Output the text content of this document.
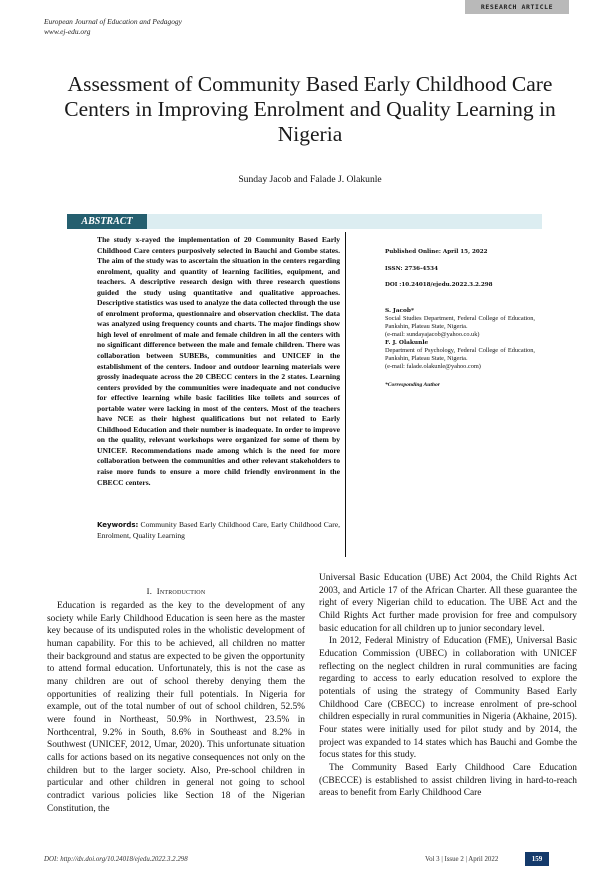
RESEARCH ARTICLE
European Journal of Education and Pedagogy
www.ej-edu.org
Assessment of Community Based Early Childhood Care Centers in Improving Enrolment and Quality Learning in Nigeria
Sunday Jacob and Falade J. Olakunle
ABSTRACT
The study x-rayed the implementation of 20 Community Based Early Childhood Care centers purposively selected in Bauchi and Gombe states. The aim of the study was to ascertain the situation in the centers regarding enrolment, quality and quantity of learning facilities, equipment, and teachers. A descriptive research design with three research questions guided the study using quantitative and qualitative approaches. Descriptive statistics was used to analyze the data collected through the use of enrolment proforma, questionnaire and observation checklist. The data was analyzed using frequency counts and charts. The major findings show high level of enrolment of male and female children in all the centers with no significant difference between the male and female children. There was collaboration between SUBEBs, communities and UNICEF in the establishment of the centers. Indoor and outdoor learning materials were grossly inadequate across the 20 CBECC centers in the 2 states. Learning centers provided by the communities were inadequate and not conducive for effective learning while basic facilities like toilets and sources of portable water were lacking in most of the centers. Most of the teachers have NCE as their highest qualifications but not related to Early Childhood Education and their number is inadequate. In order to improve on the quality, relevant workshops were organized for some of them by UNICEF. Recommendations made among which is the need for more collaboration between the communities and other relevant stakeholders to raise more funds to ensure a more child friendly environment in the CBECC centers.
Keywords: Community Based Early Childhood Care, Early Childhood Care, Enrolment, Quality Learning
Published Online: April 15, 2022
ISSN: 2736-4534
DOI :10.24018/ejedu.2022.3.2.298
S. Jacob*
Social Studies Department, Federal College of Education, Pankshin, Plateau State, Nigeria.
(e-mail: sundayajacob@yahoo.co.uk)
F. J. Olakunle
Department of Psychology, Federal College of Education, Pankshin, Plateau State, Nigeria.
(e-mail: falade.olakunle@yahoo.com)
*Corresponding Author
I. Introduction

Education is regarded as the key to the development of any society while Early Childhood Education is seen here as the master key because of its undisputed roles in the wholistic development of human capability. For this to be achieved, all children no matter their background and status are expected to be given the opportunity to attend formal education. Unfortunately, this is not the case as many children are out of school thereby denying them the opportunities of realizing their full potentials. In Nigeria for example, out of the total number of out of school children, 52.5% were found in Northeast, 50.9% in Northwest, 23.5% in Northcentral, 9.2% in South, 8.6% in Southeast and 8.2% in Southwest (UNICEF, 2012, Umar, 2020). This unfortunate situation calls for actions based on its negative consequences not only on the children but to the larger society. Also, Pre-school children in particular and other children in general not going to school contradict various policies like Section 18 of the Nigerian Constitution, the

Universal Basic Education (UBE) Act 2004, the Child Rights Act 2003, and Article 17 of the African Charter. All these guarantee the right of every Nigerian child to education. The UBE Act and the Child Rights Act further made provision for free and compulsory basic education for all children up to junior secondary level.

In 2012, Federal Ministry of Education (FME), Universal Basic Education Commission (UBEC) in collaboration with UNICEF reflecting on the neglect children in rural communities are facing regarding to access to early education resolved to explore the potentials of using the strategy of Community Based Early Childhood Care (CBECC) to increase enrolment of pre-school children especially in rural communities in Nigeria (Akhaine, 2015). Four states were initially used for pilot study and by 2014, the project was expanded to 14 states which has Bauchi and Gombe the focus states for this study.

The Community Based Early Childhood Care Education (CBECCE) is established to assist children living in hard-to-reach areas to benefit from Early Childhood Care

DOI: http://dx.doi.org/10.24018/ejedu.2022.3.2.298	Vol 3 | Issue 2 | April 2022	159
